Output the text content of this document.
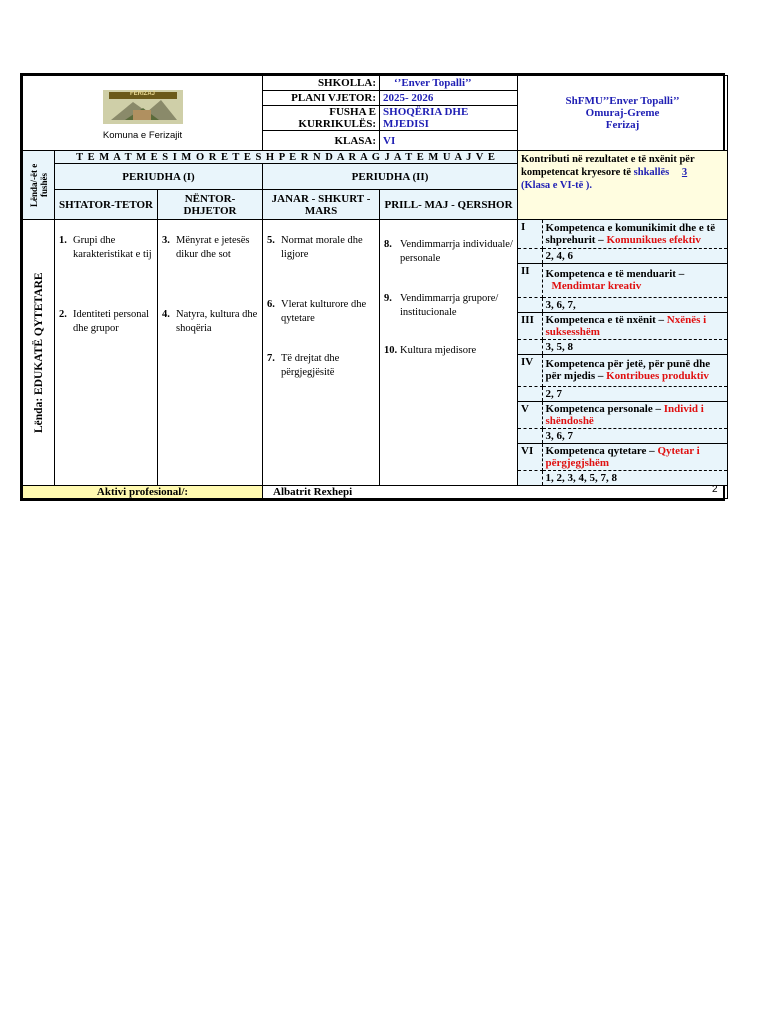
FERIZAJ
Komuna e Ferizajit
	SHKOLLA:	‘’Enver Topalli’’	
ShFMU’’Enver Topalli’’
Omuraj-Greme
Ferizaj

PLANI VJETOR:	2025- 2026
FUSHA E KURRIKULËS:	SHOQËRIA DHE MJEDISI
KLASA:	VI

Lënda/-ët e fushës
	T E M A T M E S I M O R E T E S H P E R N D A R A G J A T E M U A J V E	Kontributi në rezultatet e të nxënit për kompetencat kryesore të shkallës 3
(Klasa e VI-të ).
PERIUDHA (I)	PERIUDHA (II)
SHTATOR-TETOR	NËNTOR-DHJETOR	JANAR - SHKURT - MARS	PRILL- MAJ - QERSHOR

Lënda: EDUKATË QYTETARE

1. Grupi dhe karakteristikat e tij
2. Identiteti personal dhe grupor

3. Mënyrat e jetesës dikur dhe sot
4. Natyra, kultura dhe shoqëria

5. Normat morale dhe ligjore
6. Vlerat kulturore dhe qytetare
7. Të drejtat dhe përgjegjësitë

8. Vendimmarrja individuale/ personale
9. Vendimmarrja grupore/ institucionale
10. Kultura mjedisore

I	Kompetenca e komunikimit dhe e të shprehurit – Komunikues efektiv
	2, 4, 6
II	Kompetenca e të menduarit –
Mendimtar kreativ
	3, 6, 7,
III	Kompetenca e të nxënit – Nxënës i suksesshëm
	3, 5, 8
IV	Kompetenca për jetë, për punë dhe për mjedis – Kontribues produktiv
	2, 7
V	Kompetenca personale – Individ i shëndoshë
	3, 6, 7
VI	Kompetenca qytetare – Qytetar i përgjegjshëm
	1, 2, 3, 4, 5, 7, 8

Aktivi profesional/:	Albatrit Rexhepi	2
